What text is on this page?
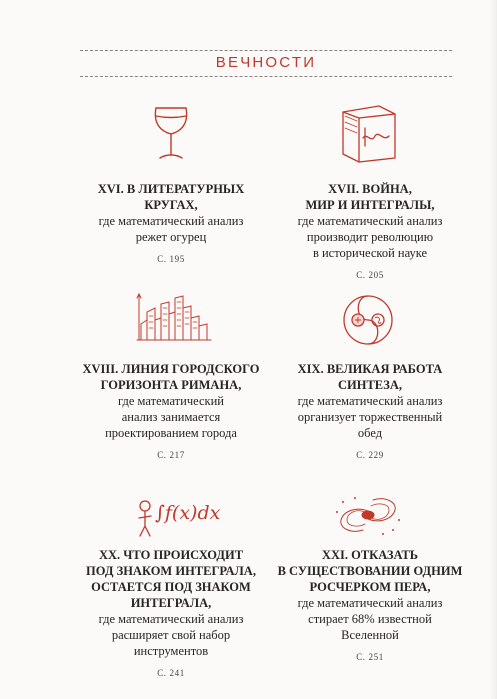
ВЕЧНОСТИ
∫f(x)dx
XVI. В ЛИТЕРАТУРНЫХ
КРУГАХ,
где математический анализ
режет огурец
С. 195
XVII. ВОЙНА,
МИР И ИНТЕГРАЛЫ,
где математический анализ
производит революцию
в исторической науке
С. 205
XVIII. ЛИНИЯ ГОРОДСКОГО
ГОРИЗОНТА РИМАНА,
где математический
анализ занимается
проектированием города
С. 217
XIX. ВЕЛИКАЯ РАБОТА
СИНТЕЗА,
где математический анализ
организует торжественный
обед
С. 229
XX. ЧТО ПРОИСХОДИТ
ПОД ЗНАКОМ ИНТЕГРАЛА,
ОСТАЕТСЯ ПОД ЗНАКОМ
ИНТЕГРАЛА,
где математический анализ
расширяет свой набор
инструментов
С. 241
XXI. ОТКАЗАТЬ
В СУЩЕСТВОВАНИИ ОДНИМ
РОСЧЕРКОМ ПЕРА,
где математический анализ
стирает 68% известной
Вселенной
С. 251
